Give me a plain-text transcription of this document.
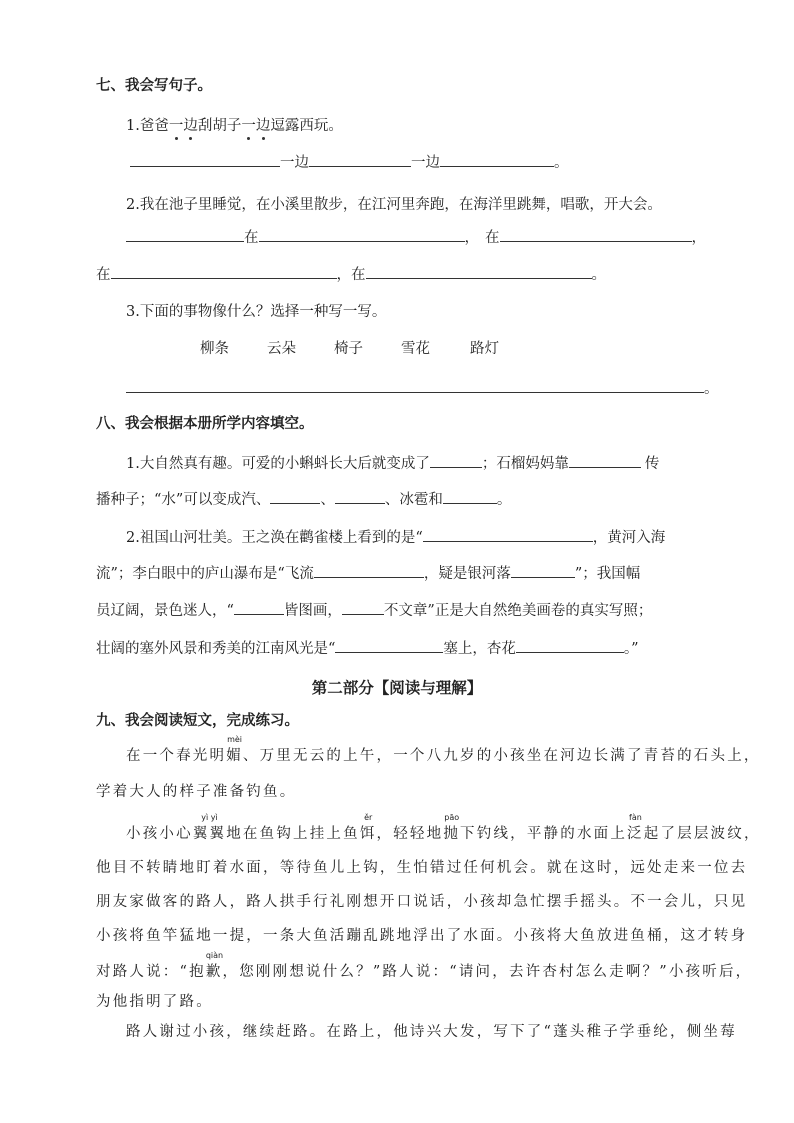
七、我会写句子。
1.爸爸一边刮胡子一边逗露西玩。
一边	一边	。
2.我在池子里睡觉，在小溪里散步，在江河里奔跑，在海洋里跳舞，唱歌，开大会。
在	， 在	，
在	，在	。
3.下面的事物像什么？选择一种写一写。
柳条	云朵	椅子	雪花	路灯
。
八、我会根据本册所学内容填空。
1.大自然真有趣。可爱的小蝌蚪长大后就变成了	；石榴妈妈靠	传
播种子；“水”可以变成汽、	、	、冰雹和	。
2.祖国山河壮美。王之涣在鹳雀楼上看到的是“	，黄河入海
流”；李白眼中的庐山瀑布是“飞流	，疑是银河落	”；我国幅
员辽阔，景色迷人，“	皆图画，	不文章”正是大自然绝美画卷的真实写照；
壮阔的塞外风景和秀美的江南风光是“	塞上，杏花	。”
第二部分【阅读与理解】
九、我会阅读短文，完成练习。
在一个春光明
mèi
媚、万里无云的上午，一个八九岁的小孩坐在河边长满了青苔的石头上，
学着大人的样子准备钓鱼。
小孩小心
yì yì
翼翼地在鱼钩上挂上鱼
ěr
饵，轻轻地
pāo
抛下钓线，平静的水面上
fàn
泛起了层层波纹，
他目不转睛地盯着水面，等待鱼儿上钩，生怕错过任何机会。就在这时，远处走来一位去
朋友家做客的路人，路人拱手行礼刚想开口说话，小孩却急忙摆手摇头。不一会儿，只见
小孩将鱼竿猛地一提，一条大鱼活蹦乱跳地浮出了水面。小孩将大鱼放进鱼桶，这才转身
对路人说：“抱
qiàn
歉，您刚刚想说什么？”路人说：“请问，去许杏村怎么走啊？”小孩听后，
为他指明了路。
路人谢过小孩，继续赶路。在路上，他诗兴大发，写下了“蓬头稚子学垂纶，侧坐莓
